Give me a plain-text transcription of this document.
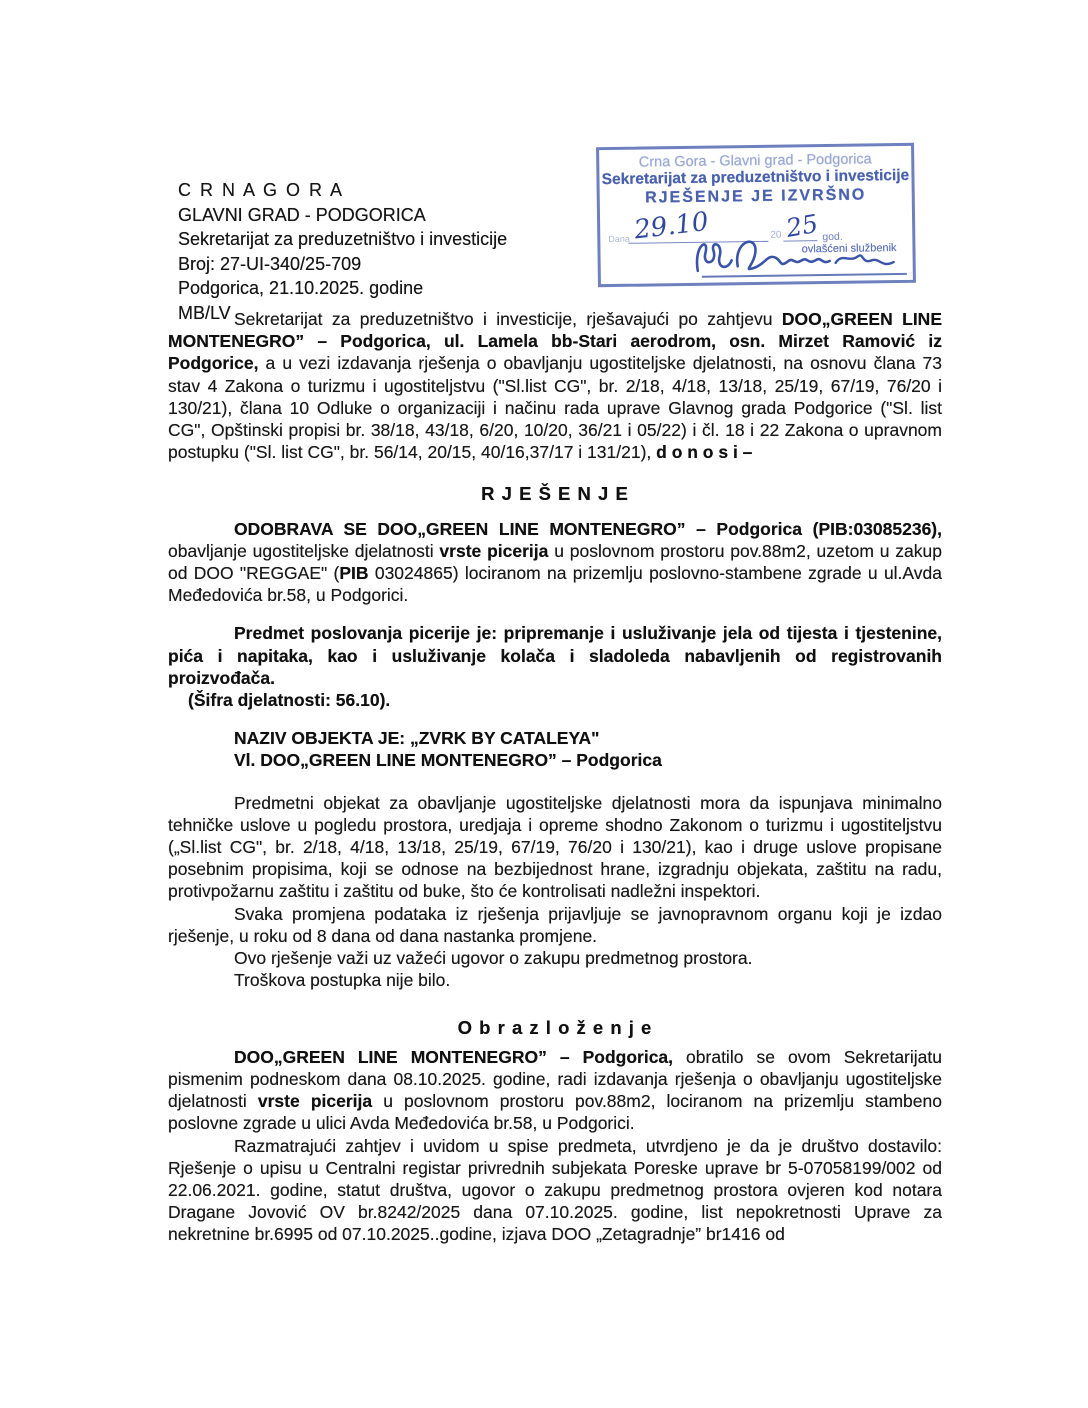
C R N A G O R A
GLAVNI GRAD - PODGORICA
Sekretarijat za preduzetništvo i investicije
Broj: 27-UI-340/25-709
Podgorica, 21.10.2025. godine
MB/LV
Crna Gora - Glavni grad - Podgorica
Sekretarijat za preduzetništvo i investicije
RJEŠENJE JE IZVRŠNO
Dana 29.10	20 25 god.
ovlašćeni službenik

Sekretarijat za preduzetništvo i investicije, rješavajući po zahtjevu DOO„GREEN LINE MONTENEGRO” – Podgorica, ul. Lamela bb-Stari aerodrom, osn. Mirzet Ramović iz Podgorice, a u vezi izdavanja rješenja o obavljanju ugostiteljske djelatnosti, na osnovu člana 73 stav 4 Zakona o turizmu i ugostiteljstvu ("Sl.list CG", br. 2/18, 4/18, 13/18, 25/19, 67/19, 76/20 i 130/21), člana 10 Odluke o organizaciji i načinu rada uprave Glavnog grada Podgorice ("Sl. list CG", Opštinski propisi br. 38/18, 43/18, 6/20, 10/20, 36/21 i 05/22) i čl. 18 i 22 Zakona o upravnom postupku ("Sl. list CG", br. 56/14, 20/15, 40/16,37/17 i 131/21), d o n o s i –

R J E Š E N J E

ODOBRAVA SE DOO„GREEN LINE MONTENEGRO” – Podgorica (PIB:03085236), obavljanje ugostiteljske djelatnosti vrste picerija u poslovnom prostoru pov.88m2, uzetom u zakup od DOO "REGGAE" (PIB 03024865) lociranom na prizemlju poslovno-stambene zgrade u ul.Avda Međedovića br.58, u Podgorici.

Predmet poslovanja picerije je: pripremanje i usluživanje jela od tijesta i tjestenine, pića i napitaka, kao i usluživanje kolača i sladoleda nabavljenih od registrovanih proizvođača.

(Šifra djelatnosti: 56.10).

NAZIV OBJEKTA JE: „ZVRK BY CATALEYA"

Vl. DOO„GREEN LINE MONTENEGRO” – Podgorica

Predmetni objekat za obavljanje ugostiteljske djelatnosti mora da ispunjava minimalno tehničke uslove u pogledu prostora, uredjaja i opreme shodno Zakonom o turizmu i ugostiteljstvu („Sl.list CG", br. 2/18, 4/18, 13/18, 25/19, 67/19, 76/20 i 130/21), kao i druge uslove propisane posebnim propisima, koji se odnose na bezbijednost hrane, izgradnju objekata, zaštitu na radu, protivpožarnu zaštitu i zaštitu od buke, što će kontrolisati nadležni inspektori.

Svaka promjena podataka iz rješenja prijavljuje se javnopravnom organu koji je izdao rješenje, u roku od 8 dana od dana nastanka promjene.

Ovo rješenje važi uz važeći ugovor o zakupu predmetnog prostora.

Troškova postupka nije bilo.

O b r a z l o ž e n j e

DOO„GREEN LINE MONTENEGRO” – Podgorica, obratilo se ovom Sekretarijatu pismenim podneskom dana 08.10.2025. godine, radi izdavanja rješenja o obavljanju ugostiteljske djelatnosti vrste picerija u poslovnom prostoru pov.88m2, lociranom na prizemlju stambeno poslovne zgrade u ulici Avda Međedovića br.58, u Podgorici.

Razmatrajući zahtjev i uvidom u spise predmeta, utvrdjeno je da je društvo dostavilo: Rješenje o upisu u Centralni registar privrednih subjekata Poreske uprave br 5-07058199/002 od 22.06.2021. godine, statut društva, ugovor o zakupu predmetnog prostora ovjeren kod notara Dragane Jovović OV br.8242/2025 dana 07.10.2025. godine, list nepokretnosti Uprave za nekretnine br.6995 od 07.10.2025..godine, izjava DOO „Zetagradnje” br1416 od
